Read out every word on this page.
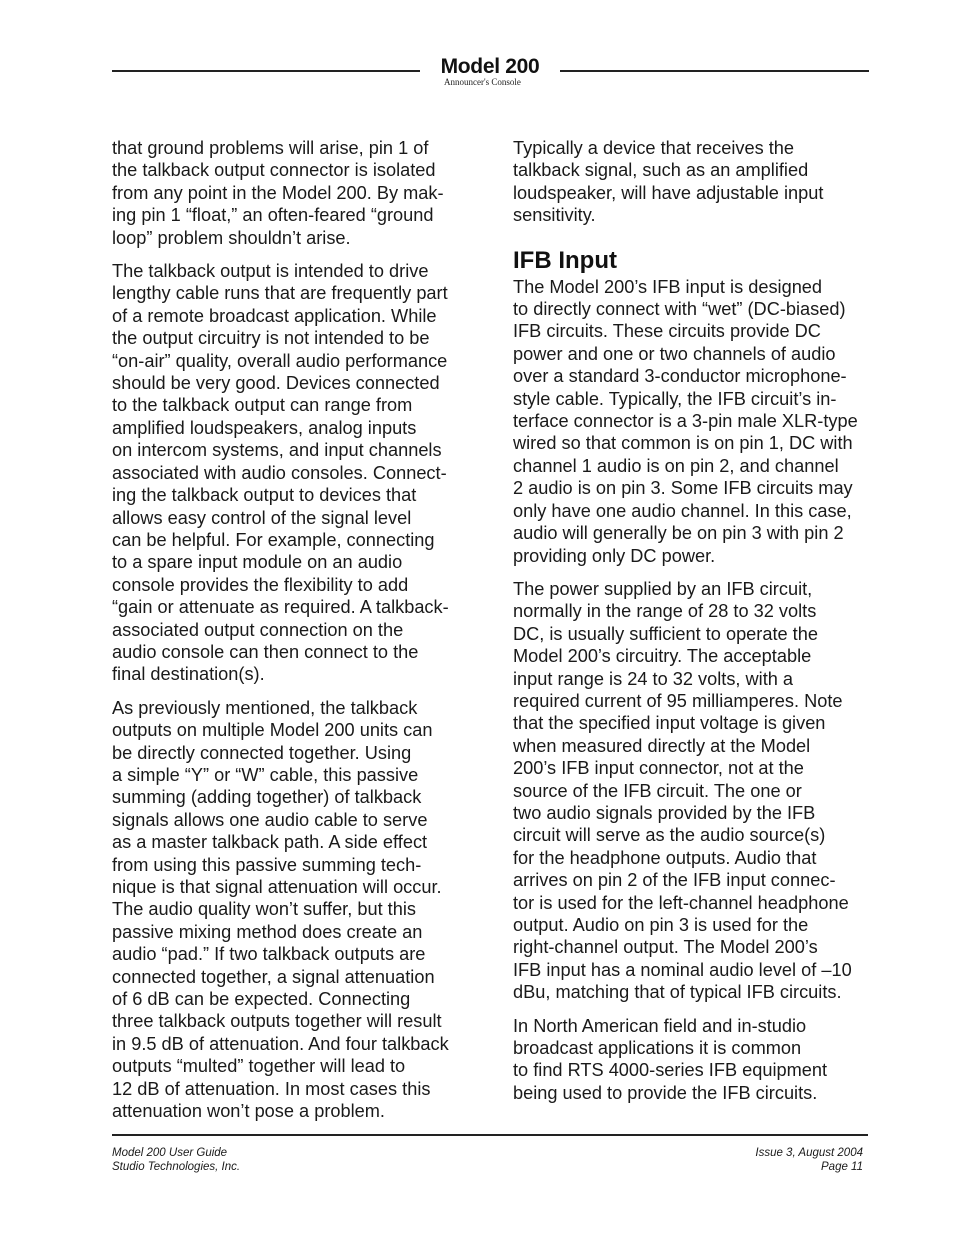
Model 200
Announcer's Console

that ground problems will arise, pin 1 of
the talkback output connector is isolated
from any point in the Model 200. By mak-
ing pin 1 “float,” an often-feared “ground
loop” problem shouldn’t arise.

The talkback output is intended to drive
lengthy cable runs that are frequently part
of a remote broadcast application. While
the output circuitry is not intended to be
“on-air” quality, overall audio performance
should be very good. Devices connected
to the talkback output can range from
amplified loudspeakers, analog inputs
on intercom systems, and input channels
associated with audio consoles. Connect-
ing the talkback output to devices that
allows easy control of the signal level
can be helpful. For example, connecting
to a spare input module on an audio
console provides the flexibility to add
“gain or attenuate as required. A talkback-
associated output connection on the
audio console can then connect to the
final destination(s).

As previously mentioned, the talkback
outputs on multiple Model 200 units can
be directly connected together. Using
a simple “Y” or “W” cable, this passive
summing (adding together) of talkback
signals allows one audio cable to serve
as a master talkback path. A side effect
from using this passive summing tech-
nique is that signal attenuation will occur.
The audio quality won’t suffer, but this
passive mixing method does create an
audio “pad.” If two talkback outputs are
connected together, a signal attenuation
of 6 dB can be expected. Connecting
three talkback outputs together will result
in 9.5 dB of attenuation. And four talkback
outputs “multed” together will lead to
12 dB of attenuation. In most cases this
attenuation won’t pose a problem.

Typically a device that receives the
talkback signal, such as an amplified
loudspeaker, will have adjustable input
sensitivity.

IFB Input

The Model 200’s IFB input is designed
to directly connect with “wet” (DC-biased)
IFB circuits. These circuits provide DC
power and one or two channels of audio
over a standard 3-conductor microphone-
style cable. Typically, the IFB circuit’s in-
terface connector is a 3-pin male XLR-type
wired so that common is on pin 1, DC with
channel 1 audio is on pin 2, and channel
2 audio is on pin 3. Some IFB circuits may
only have one audio channel. In this case,
audio will generally be on pin 3 with pin 2
providing only DC power.

The power supplied by an IFB circuit,
normally in the range of 28 to 32 volts
DC, is usually sufficient to operate the
Model 200’s circuitry. The acceptable
input range is 24 to 32 volts, with a
required current of 95 milliamperes. Note
that the specified input voltage is given
when measured directly at the Model
200’s IFB input connector, not at the
source of the IFB circuit. The one or
two audio signals provided by the IFB
circuit will serve as the audio source(s)
for the headphone outputs. Audio that
arrives on pin 2 of the IFB input connec-
tor is used for the left-channel headphone
output. Audio on pin 3 is used for the
right-channel output. The Model 200’s
IFB input has a nominal audio level of –10
dBu, matching that of typical IFB circuits.

In North American field and in-studio
broadcast applications it is common
to find RTS 4000-series IFB equipment
being used to provide the IFB circuits.

Model 200 User Guide
Studio Technologies, Inc.
Issue 3, August 2004
Page 11
